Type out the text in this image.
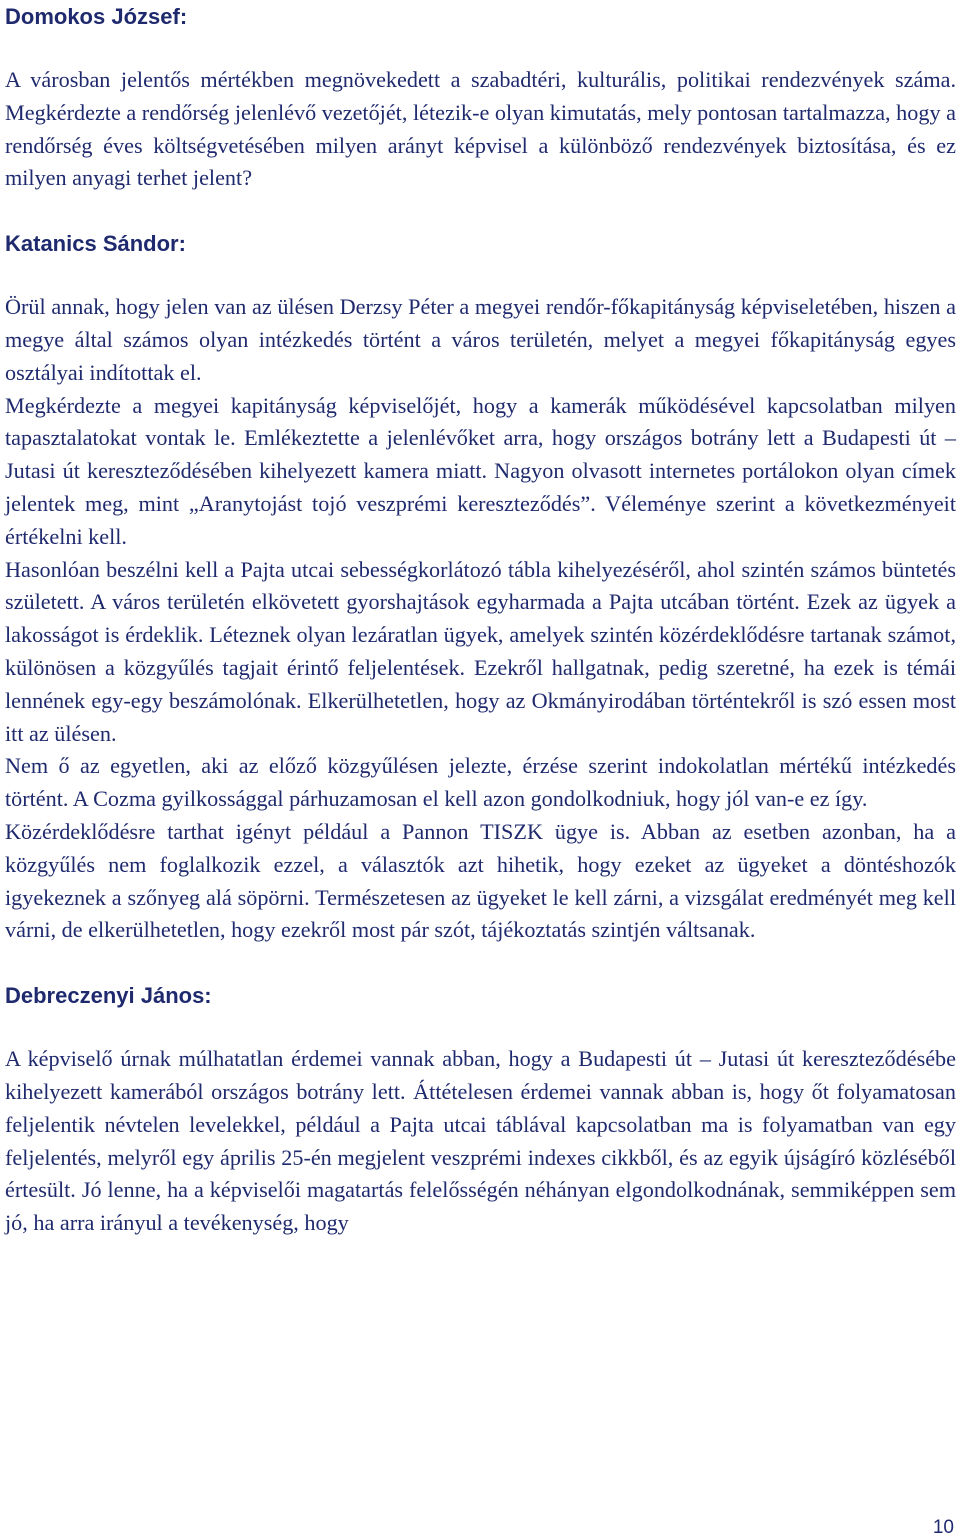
Domokos József:

A városban jelentős mértékben megnövekedett a szabadtéri, kulturális, politikai rendezvények száma. Megkérdezte a rendőrség jelenlévő vezetőjét, létezik-e olyan kimutatás, mely pontosan tartalmazza, hogy a rendőrség éves költségvetésében milyen arányt képvisel a különböző rendezvények biztosítása, és ez milyen anyagi terhet jelent?

Katanics Sándor:

Örül annak, hogy jelen van az ülésen Derzsy Péter a megyei rendőr-főkapitányság képviseletében, hiszen a megye által számos olyan intézkedés történt a város területén, melyet a megyei főkapitányság egyes osztályai indítottak el.

Megkérdezte a megyei kapitányság képviselőjét, hogy a kamerák működésével kapcsolatban milyen tapasztalatokat vontak le. Emlékeztette a jelenlévőket arra, hogy országos botrány lett a Budapesti út – Jutasi út kereszteződésében kihelyezett kamera miatt. Nagyon olvasott internetes portálokon olyan címek jelentek meg, mint „Aranytojást tojó veszprémi kereszteződés”. Véleménye szerint a következményeit értékelni kell.

Hasonlóan beszélni kell a Pajta utcai sebességkorlátozó tábla kihelyezéséről, ahol szintén számos büntetés született. A város területén elkövetett gyorshajtások egyharmada a Pajta utcában történt. Ezek az ügyek a lakosságot is érdeklik. Léteznek olyan lezáratlan ügyek, amelyek szintén közérdeklődésre tartanak számot, különösen a közgyűlés tagjait érintő feljelentések. Ezekről hallgatnak, pedig szeretné, ha ezek is témái lennének egy-egy beszámolónak. Elkerülhetetlen, hogy az Okmányirodában történtekről is szó essen most itt az ülésen.

Nem ő az egyetlen, aki az előző közgyűlésen jelezte, érzése szerint indokolatlan mértékű intézkedés történt. A Cozma gyilkossággal párhuzamosan el kell azon gondolkodniuk, hogy jól van-e ez így.

Közérdeklődésre tarthat igényt például a Pannon TISZK ügye is. Abban az esetben azonban, ha a közgyűlés nem foglalkozik ezzel, a választók azt hihetik, hogy ezeket az ügyeket a döntéshozók igyekeznek a szőnyeg alá söpörni. Természetesen az ügyeket le kell zárni, a vizsgálat eredményét meg kell várni, de elkerülhetetlen, hogy ezekről most pár szót, tájékoztatás szintjén váltsanak.

Debreczenyi János:

A képviselő úrnak múlhatatlan érdemei vannak abban, hogy a Budapesti út – Jutasi út kereszteződésébe kihelyezett kamerából országos botrány lett. Áttételesen érdemei vannak abban is, hogy őt folyamatosan feljelentik névtelen levelekkel, például a Pajta utcai táblával kapcsolatban ma is folyamatban van egy feljelentés, melyről egy április 25-én megjelent veszprémi indexes cikkből, és az egyik újságíró közléséből értesült. Jó lenne, ha a képviselői magatartás felelősségén néhányan elgondolkodnának, semmiképpen sem jó, ha arra irányul a tevékenység, hogy

10
